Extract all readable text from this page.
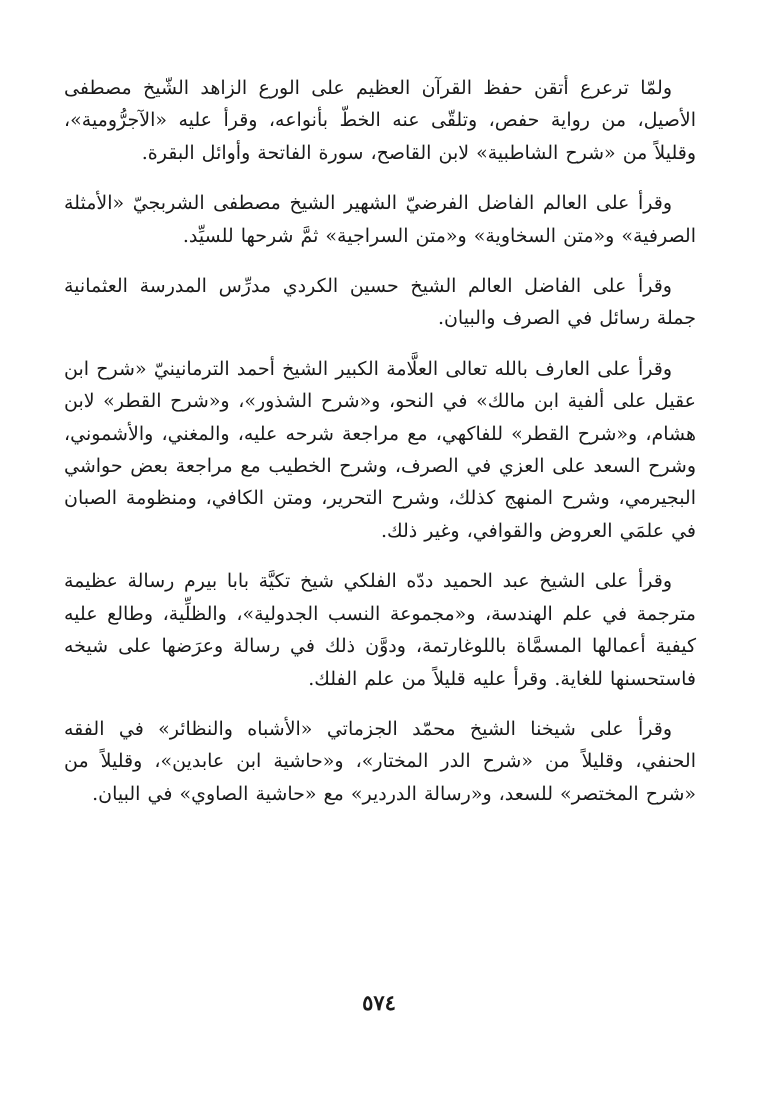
ولمّا ترعرع أتقن حفظ القرآن العظيم على الورع الزاهد الشّيخ مصطفى الأصيل، من رواية حفص، وتلقّى عنه الخطّ بأنواعه، وقرأ عليه «الآجرُّومية»، وقليلاً من «شرح الشاطبية» لابن القاصح، سورة الفاتحة وأوائل البقرة.

وقرأ على العالم الفاضل الفرضيّ الشهير الشيخ مصطفى الشربجيّ «الأمثلة الصرفية» و«متن السخاوية» و«متن السراجية» ثمَّ شرحها للسيِّد.

وقرأ على الفاضل العالم الشيخ حسين الكردي مدرِّس المدرسة العثمانية جملة رسائل في الصرف والبيان.

وقرأ على العارف بالله تعالى العلَّامة الكبير الشيخ أحمد الترمانينيّ «شرح ابن عقيل على ألفية ابن مالك» في النحو، و«شرح الشذور»، و«شرح القطر» لابن هشام، و«شرح القطر» للفاكهي، مع مراجعة شرحه عليه، والمغني، والأشموني، وشرح السعد على العزي في الصرف، وشرح الخطيب مع مراجعة بعض حواشي البجيرمي، وشرح المنهج كذلك، وشرح التحرير، ومتن الكافي، ومنظومة الصبان في علمَي العروض والقوافي، وغير ذلك.

وقرأ على الشيخ عبد الحميد ددّه الفلكي شيخ تكيَّة بابا بيرم رسالة عظيمة مترجمة في علم الهندسة، و«مجموعة النسب الجدولية»، والظلِّية، وطالع عليه كيفية أعمالها المسمَّاة باللوغارتمة، ودوَّن ذلك في رسالة وعرَضها على شيخه فاستحسنها للغاية. وقرأ عليه قليلاً من علم الفلك.

وقرأ على شيخنا الشيخ محمّد الجزماتي «الأشباه والنظائر» في الفقه الحنفي، وقليلاً من «شرح الدر المختار»، و«حاشية ابن عابدين»، وقليلاً من «شرح المختصر» للسعد، و«رسالة الدردير» مع «حاشية الصاوي» في البيان.

٥٧٤
